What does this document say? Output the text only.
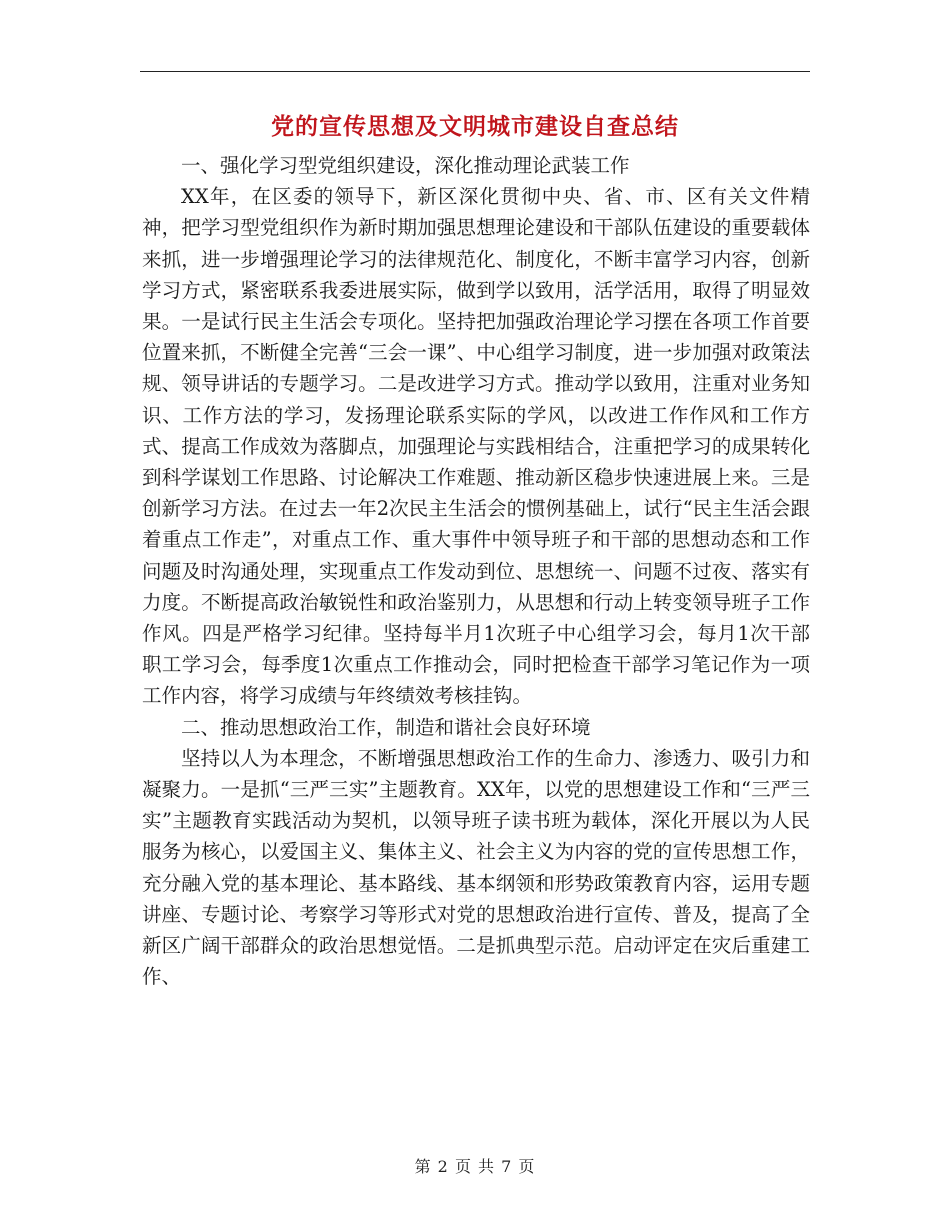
党的宣传思想及文明城市建设自查总结

一、强化学习型党组织建设，深化推动理论武装工作

XX年，在区委的领导下，新区深化贯彻中央、省、市、区有关文件精神，把学习型党组织作为新时期加强思想理论建设和干部队伍建设的重要载体来抓，进一步增强理论学习的法律规范化、制度化，不断丰富学习内容，创新学习方式，紧密联系我委进展实际，做到学以致用，活学活用，取得了明显效果。一是试行民主生活会专项化。坚持把加强政治理论学习摆在各项工作首要位置来抓，不断健全完善“三会一课”、中心组学习制度，进一步加强对政策法规、领导讲话的专题学习。二是改进学习方式。推动学以致用，注重对业务知识、工作方法的学习，发扬理论联系实际的学风，以改进工作作风和工作方式、提高工作成效为落脚点，加强理论与实践相结合，注重把学习的成果转化到科学谋划工作思路、讨论解决工作难题、推动新区稳步快速进展上来。三是创新学习方法。在过去一年2次民主生活会的惯例基础上，试行“民主生活会跟着重点工作走”，对重点工作、重大事件中领导班子和干部的思想动态和工作问题及时沟通处理，实现重点工作发动到位、思想统一、问题不过夜、落实有力度。不断提高政治敏锐性和政治鉴别力，从思想和行动上转变领导班子工作作风。四是严格学习纪律。坚持每半月1次班子中心组学习会，每月1次干部职工学习会，每季度1次重点工作推动会，同时把检查干部学习笔记作为一项工作内容，将学习成绩与年终绩效考核挂钩。

二、推动思想政治工作，制造和谐社会良好环境

坚持以人为本理念，不断增强思想政治工作的生命力、渗透力、吸引力和凝聚力。一是抓“三严三实”主题教育。XX年，以党的思想建设工作和“三严三实”主题教育实践活动为契机，以领导班子读书班为载体，深化开展以为人民服务为核心，以爱国主义、集体主义、社会主义为内容的党的宣传思想工作，充分融入党的基本理论、基本路线、基本纲领和形势政策教育内容，运用专题讲座、专题讨论、考察学习等形式对党的思想政治进行宣传、普及，提高了全新区广阔干部群众的政治思想觉悟。二是抓典型示范。启动评定在灾后重建工作、

第 2 页 共 7 页
